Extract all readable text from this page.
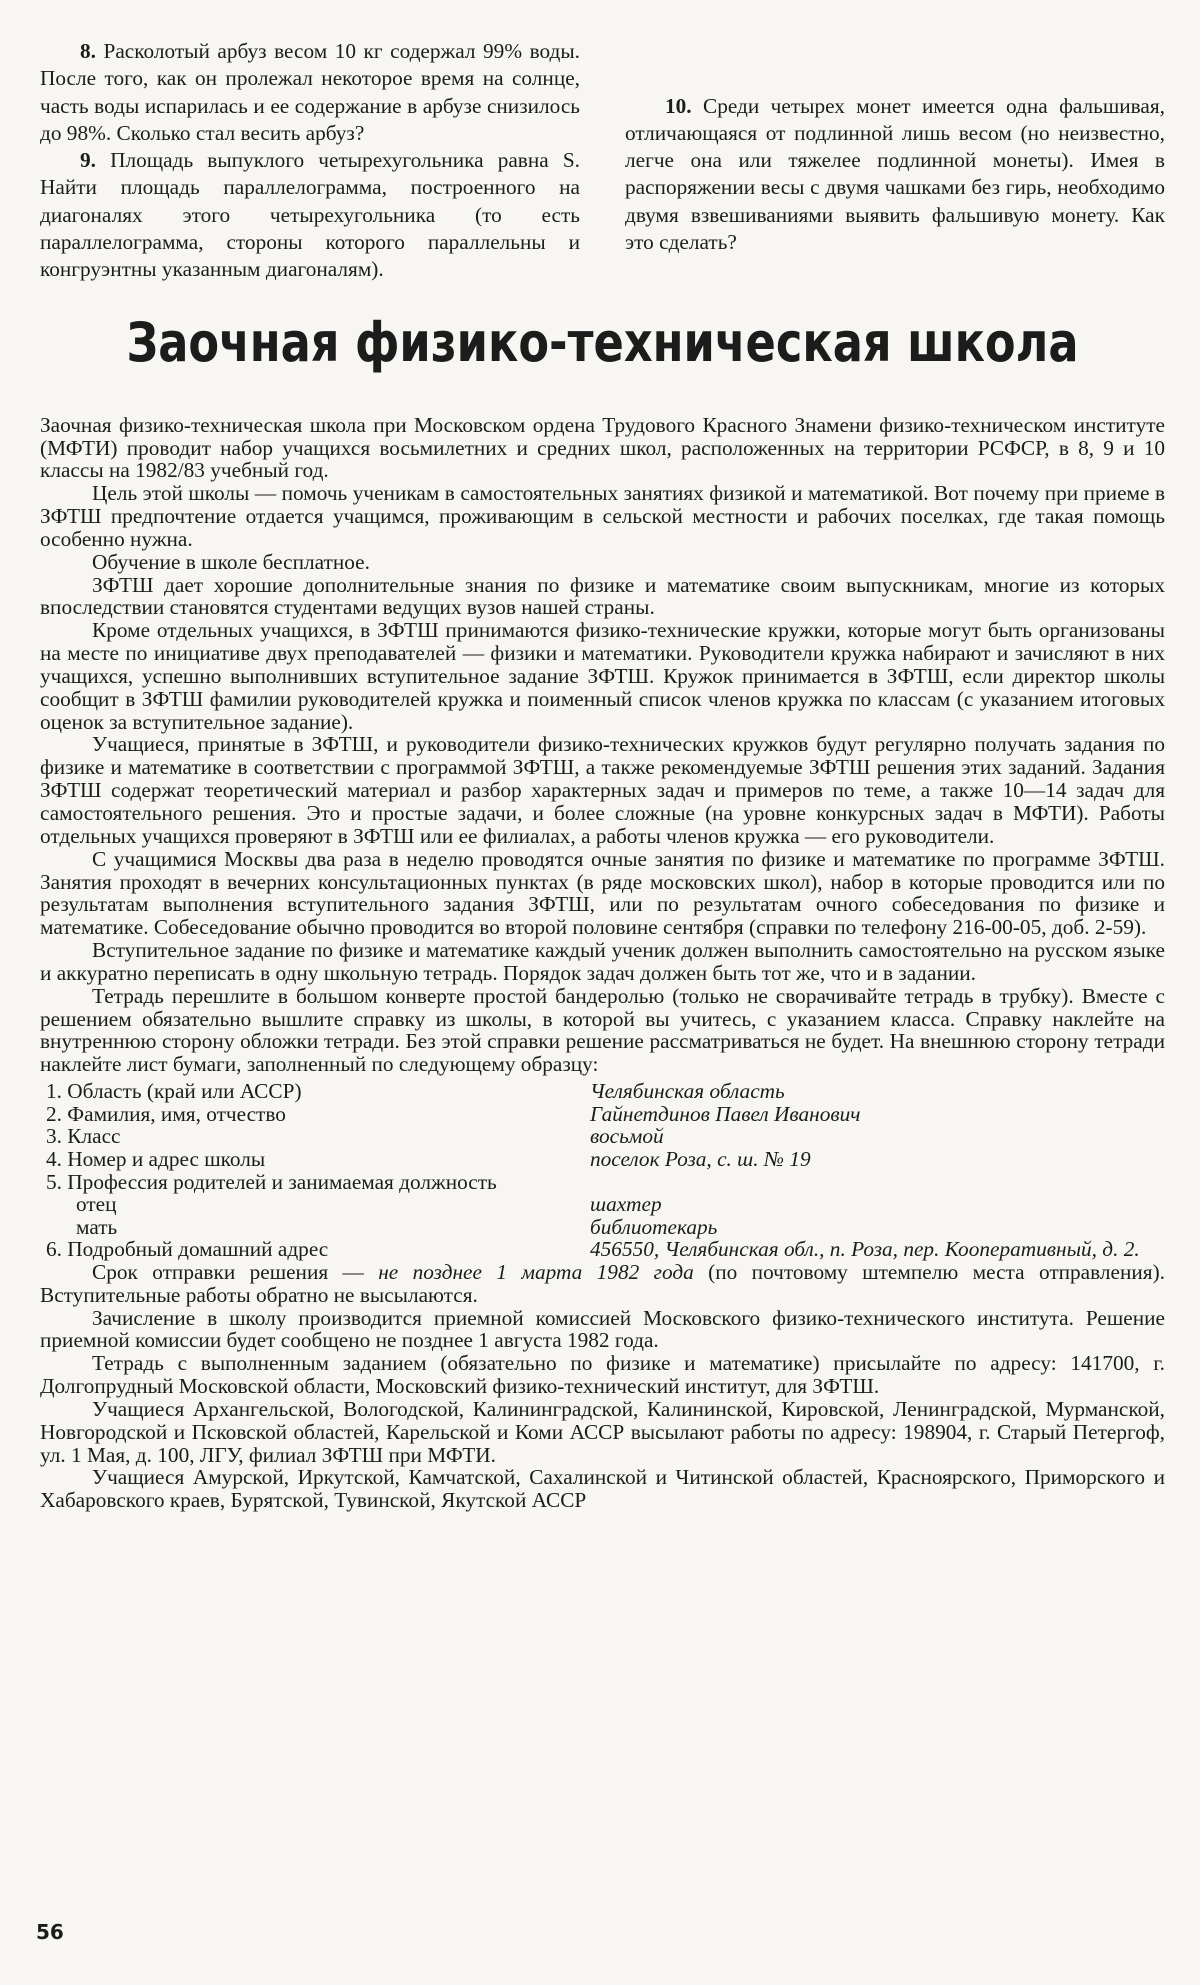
8. Расколотый арбуз весом 10 кг содержал 99% воды. После того, как он пролежал некоторое время на солнце, часть воды испарилась и ее содержание в арбузе снизилось до 98%. Сколько стал весить арбуз?

9. Площадь выпуклого четырехугольника равна S. Найти площадь параллелограмма, построенного на диагоналях этого четырехугольника (то есть параллелограмма, стороны которого параллельны и конгруэнтны указанным диагоналям).

10. Среди четырех монет имеется одна фальшивая, отличающаяся от подлинной лишь весом (но неизвестно, легче она или тяжелее подлинной монеты). Имея в распоряжении весы с двумя чашками без гирь, необходимо двумя взвешиваниями выявить фальшивую монету. Как это сделать?

Заочная физико-техническая школа

Заочная физико-техническая школа при Московском ордена Трудового Красного Знамени физико-техническом институте (МФТИ) проводит набор учащихся восьмилетних и средних школ, расположенных на территории РСФСР, в 8, 9 и 10 классы на 1982/83 учебный год.

Цель этой школы — помочь ученикам в самостоятельных занятиях физикой и математикой. Вот почему при приеме в ЗФТШ предпочтение отдается учащимся, проживающим в сельской местности и рабочих поселках, где такая помощь особенно нужна.

Обучение в школе бесплатное.

ЗФТШ дает хорошие дополнительные знания по физике и математике своим выпускникам, многие из которых впоследствии становятся студентами ведущих вузов нашей страны.

Кроме отдельных учащихся, в ЗФТШ принимаются физико-технические кружки, которые могут быть организованы на месте по инициативе двух преподавателей — физики и математики. Руководители кружка набирают и зачисляют в них учащихся, успешно выполнивших вступительное задание ЗФТШ. Кружок принимается в ЗФТШ, если директор школы сообщит в ЗФТШ фамилии руководителей кружка и поименный список членов кружка по классам (с указанием итоговых оценок за вступительное задание).

Учащиеся, принятые в ЗФТШ, и руководители физико-технических кружков будут регулярно получать задания по физике и математике в соответствии с программой ЗФТШ, а также рекомендуемые ЗФТШ решения этих заданий. Задания ЗФТШ содержат теоретический материал и разбор характерных задач и примеров по теме, а также 10—14 задач для самостоятельного решения. Это и простые задачи, и более сложные (на уровне конкурсных задач в МФТИ). Работы отдельных учащихся проверяют в ЗФТШ или ее филиалах, а работы членов кружка — его руководители.

С учащимися Москвы два раза в неделю проводятся очные занятия по физике и математике по программе ЗФТШ. Занятия проходят в вечерних консультационных пунктах (в ряде московских школ), набор в которые проводится или по результатам выполнения вступительного задания ЗФТШ, или по результатам очного собеседования по физике и математике. Собеседование обычно проводится во второй половине сентября (справки по телефону 216-00-05, доб. 2-59).

Вступительное задание по физике и математике каждый ученик должен выполнить самостоятельно на русском языке и аккуратно переписать в одну школьную тетрадь. Порядок задач должен быть тот же, что и в задании.

Тетрадь перешлите в большом конверте простой бандеролью (только не сворачивайте тетрадь в трубку). Вместе с решением обязательно вышлите справку из школы, в которой вы учитесь, с указанием класса. Справку наклейте на внутреннюю сторону обложки тетради. Без этой справки решение рассматриваться не будет. На внешнюю сторону тетради наклейте лист бумаги, заполненный по следующему образцу:

1. Область (край или АССР)	Челябинская область
2. Фамилия, имя, отчество	Гайнетдинов Павел Иванович
3. Класс	восьмой
4. Номер и адрес школы	поселок Роза, с. ш. № 19
5. Профессия родителей и занимаемая должность
отец	шахтер
мать	библиотекарь
6. Подробный домашний адрес	456550, Челябинская обл., п. Роза, пер. Кооперативный, д. 2.

Срок отправки решения — не позднее 1 марта 1982 года (по почтовому штемпелю места отправления). Вступительные работы обратно не высылаются.

Зачисление в школу производится приемной комиссией Московского физико-технического института. Решение приемной комиссии будет сообщено не позднее 1 августа 1982 года.

Тетрадь с выполненным заданием (обязательно по физике и математике) присылайте по адресу: 141700, г. Долгопрудный Московской области, Московский физико-технический институт, для ЗФТШ.

Учащиеся Архангельской, Вологодской, Калининградской, Калининской, Кировской, Ленинградской, Мурманской, Новгородской и Псковской областей, Карельской и Коми АССР высылают работы по адресу: 198904, г. Старый Петергоф, ул. 1 Мая, д. 100, ЛГУ, филиал ЗФТШ при МФТИ.

Учащиеся Амурской, Иркутской, Камчатской, Сахалинской и Читинской областей, Красноярского, Приморского и Хабаровского краев, Бурятской, Тувинской, Якутской АССР

56
